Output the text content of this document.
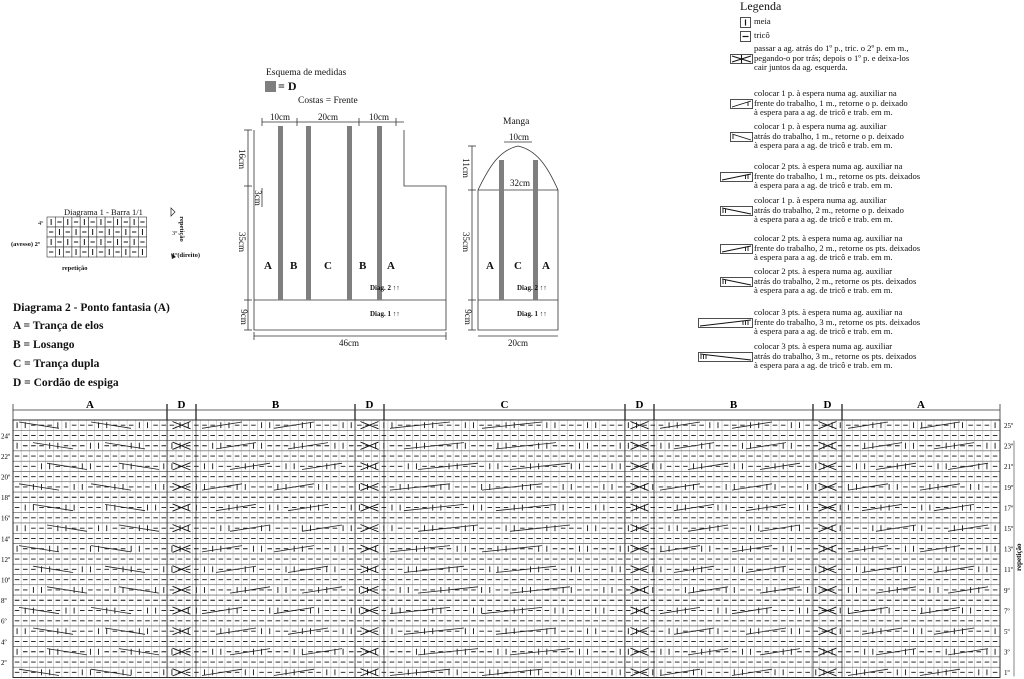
Legenda
meia
tricô
passar a ag. atrás do 1º p., tric. o 2º p. em m.,
pegando-o por trás; depois o 1º p. e deixa-los
cair juntos da ag. esquerda.
colocar 1 p. à espera numa ag. auxiliar na
frente do trabalho, 1 m., retorne o p. deixado
à espera para a ag. de tricô e trab. em m.
colocar 1 p. à espera numa ag. auxiliar
atrás do trabalho, 1 m., retorne o p. deixado
à espera para a ag. de tricô e trab. em m.
colocar 2 pts. à espera numa ag. auxiliar na
frente do trabalho, 1 m., retorne os pts. deixados
à espera para a ag. de tricô e trab. em m.
colocar 1 p. à espera numa ag. auxiliar
atrás do trabalho, 2 m., retorne o p. deixado
à espera para a ag. de tricô e trab. em m.
colocar 2 pts. à espera numa ag. auxiliar na
frente do trabalho, 2 m., retorne os pts. deixados
à espera para a ag. de tricô e trab. em m.
colocar 2 pts. à espera numa ag. auxiliar
atrás do trabalho, 2 m., retorne os pts. deixados
à espera para a ag. de tricô e trab. em m.
colocar 3 pts. à espera numa ag. auxiliar na
frente do trabalho, 3 m., retorne os pts. deixados
à espera para a ag. de tricô e trab. em m.
colocar 3 pts. à espera numa ag. auxiliar
atrás do trabalho, 3 m., retorne os pts. deixados
à espera para a ag. de tricô e trab. em m.
Esquema de medidas
= D
Costas = Frente
Manga
10cm	20cm	10cm
16cm
35cm
9cm
3cm
46cm
A B C B A
Diag. 2 ↑↑
Diag. 1 ↑↑
10cm
32cm
11cm
35cm
9cm
20cm
A C A
Diag. 2 ↑↑
Diag. 1 ↑↑
Diagrama 1 - Barra 1/1
4º
3º
(avesso) 2º
1º(direito)
repetição
repetição
Diagrama 2 - Ponto fantasia (A)
A = Trança de elos
B = Losango
C = Trança dupla
D = Cordão de espiga
A	D	B	D	C	D	B	D	A
25º
23º
21º
19º
17º
15º
13º
11º
9º
7º
5º
3º
1º
24º
22º
20º
18º
16º
14º
12º
10º
8º
6º
4º
2º
repetição
